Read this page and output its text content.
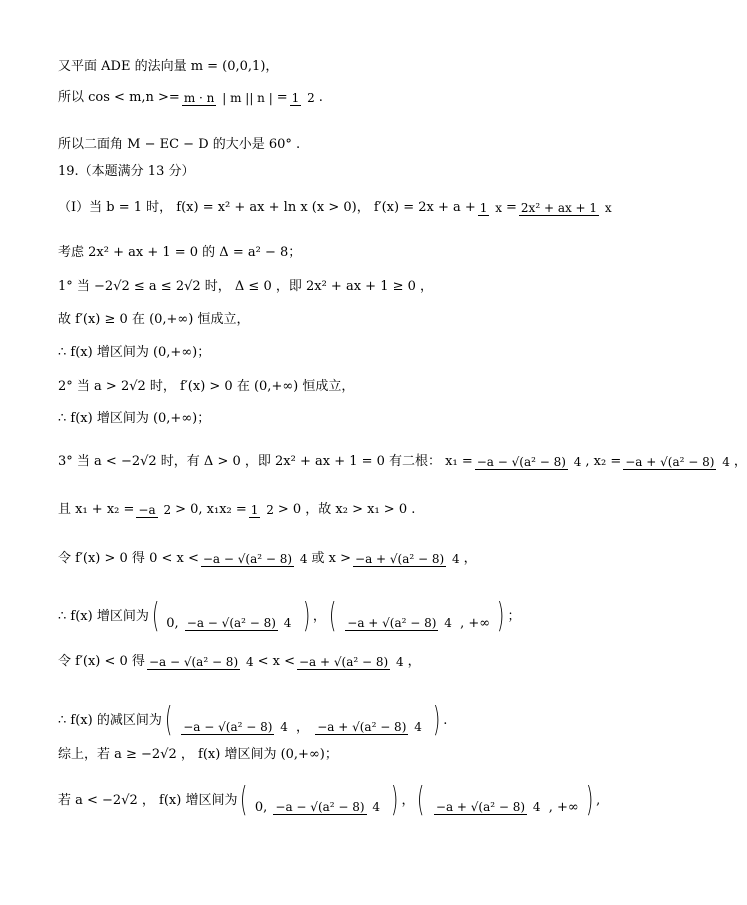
又平面 ADE 的法向量 m = (0,0,1)，
所以 cos < m,n >= m · n | m || n | = 1 2 .
所以二面角 M − EC − D 的大小是 60° .
19.（本题满分 13 分）
（Ⅰ）当 b = 1 时， f(x) = x² + ax + ln x (x > 0)， f′(x) = 2x + a + 1 x = 2x² + ax + 1 x
考虑 2x² + ax + 1 = 0 的 Δ = a² − 8；
1° 当 −2√2 ≤ a ≤ 2√2 时， Δ ≤ 0 ，即 2x² + ax + 1 ≥ 0 ，
故 f′(x) ≥ 0 在 (0,+∞) 恒成立，
∴ f(x) 增区间为 (0,+∞)；
2° 当 a > 2√2 时， f′(x) > 0 在 (0,+∞) 恒成立，
∴ f(x) 增区间为 (0,+∞)；
3° 当 a < −2√2 时，有 Δ > 0 ，即 2x² + ax + 1 = 0 有二根： x₁ = −a − √(a² − 8) 4 , x₂ = −a + √(a² − 8) 4 ，
且 x₁ + x₂ = −a 2 > 0, x₁x₂ = 1 2 > 0 ，故 x₂ > x₁ > 0 .
令 f′(x) > 0 得 0 < x < −a − √(a² − 8) 4 或 x > −a + √(a² − 8) 4 ，
∴ f(x) 增区间为 ( 0, −a − √(a² − 8) 4 ) ， ( −a + √(a² − 8) 4 , +∞ ) ；
令 f′(x) < 0 得 −a − √(a² − 8) 4 < x < −a + √(a² − 8) 4 ，
∴ f(x) 的减区间为 ( −a − √(a² − 8) 4 ， −a + √(a² − 8) 4 ) .
综上，若 a ≥ −2√2 ， f(x) 增区间为 (0,+∞)；
若 a < −2√2 ， f(x) 增区间为 ( 0, −a − √(a² − 8) 4 ) ， ( −a + √(a² − 8) 4 , +∞ ) ,
